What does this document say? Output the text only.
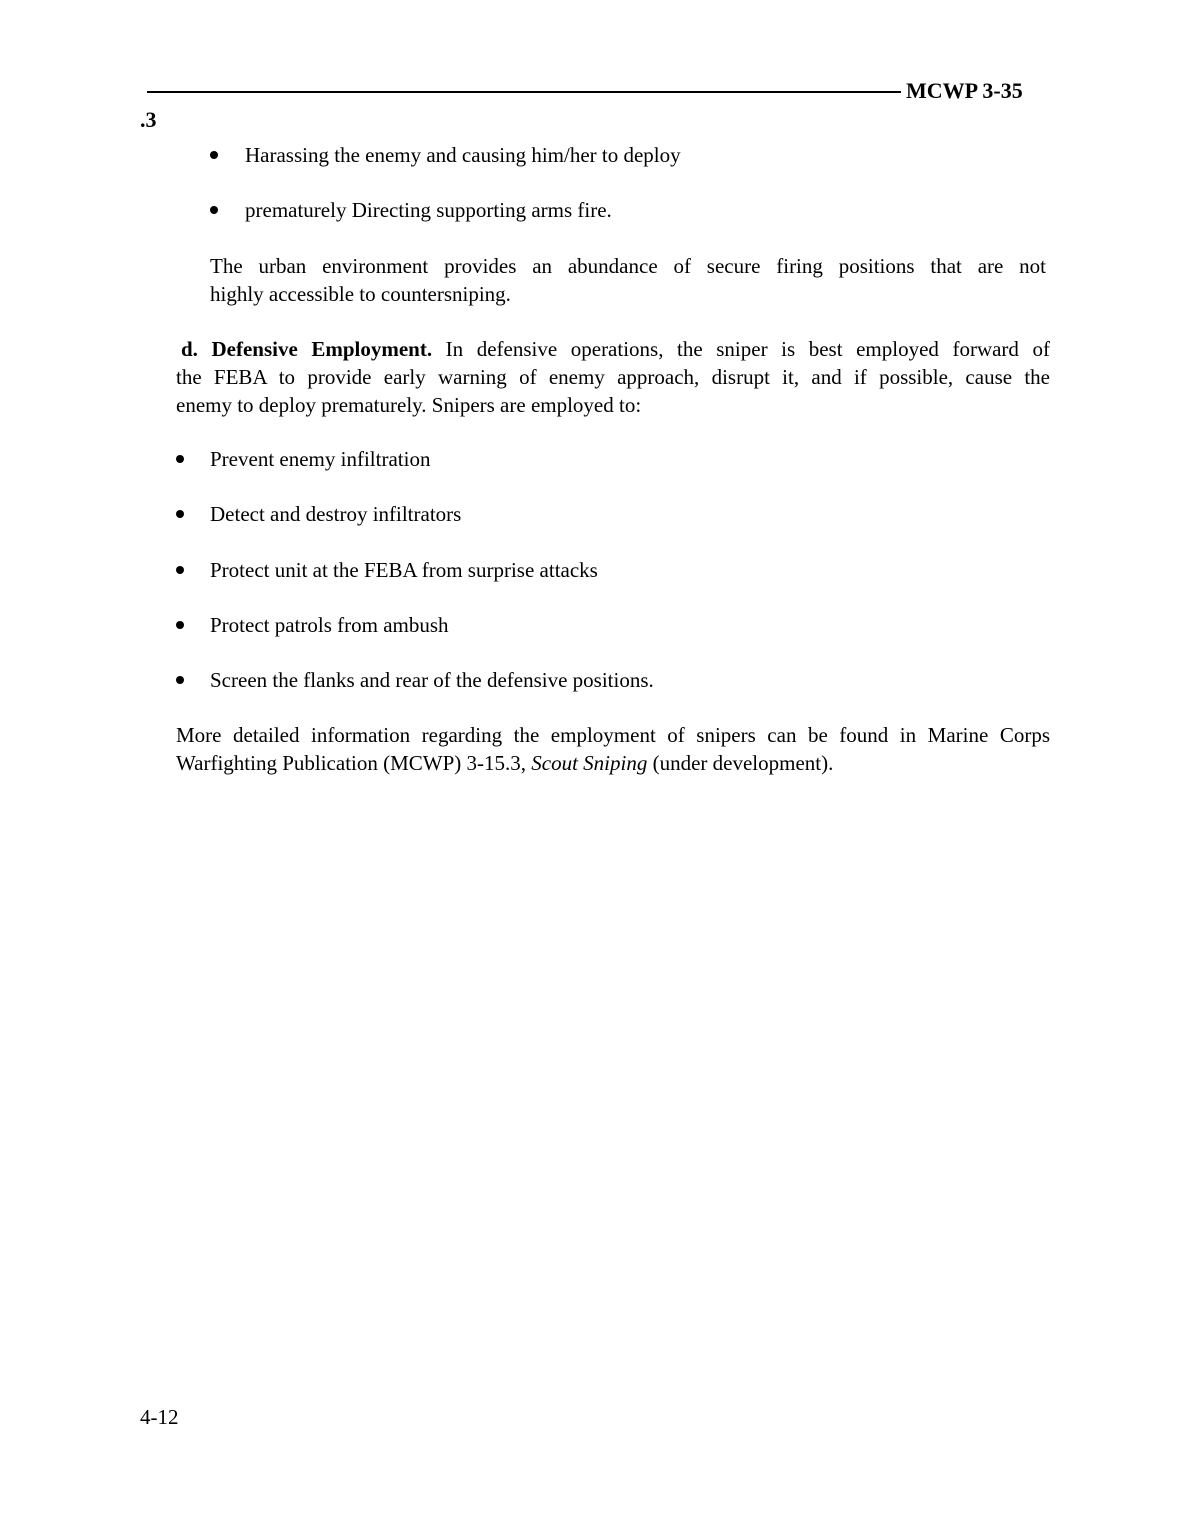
MCWP 3-35
.3
Harassing the enemy and causing him/her to deploy
prematurely Directing supporting arms fire.
The urban environment provides an abundance of secure firing positions that are not
highly accessible to countersniping.
d. Defensive Employment. In defensive operations, the sniper is best employed forward of
the FEBA to provide early warning of enemy approach, disrupt it, and if possible, cause the
enemy to deploy prematurely. Snipers are employed to:
Prevent enemy infiltration
Detect and destroy infiltrators
Protect unit at the FEBA from surprise attacks
Protect patrols from ambush
Screen the flanks and rear of the defensive positions.
More detailed information regarding the employment of snipers can be found in Marine Corps
Warfighting Publication (MCWP) 3-15.3, Scout Sniping (under development).
4-12
